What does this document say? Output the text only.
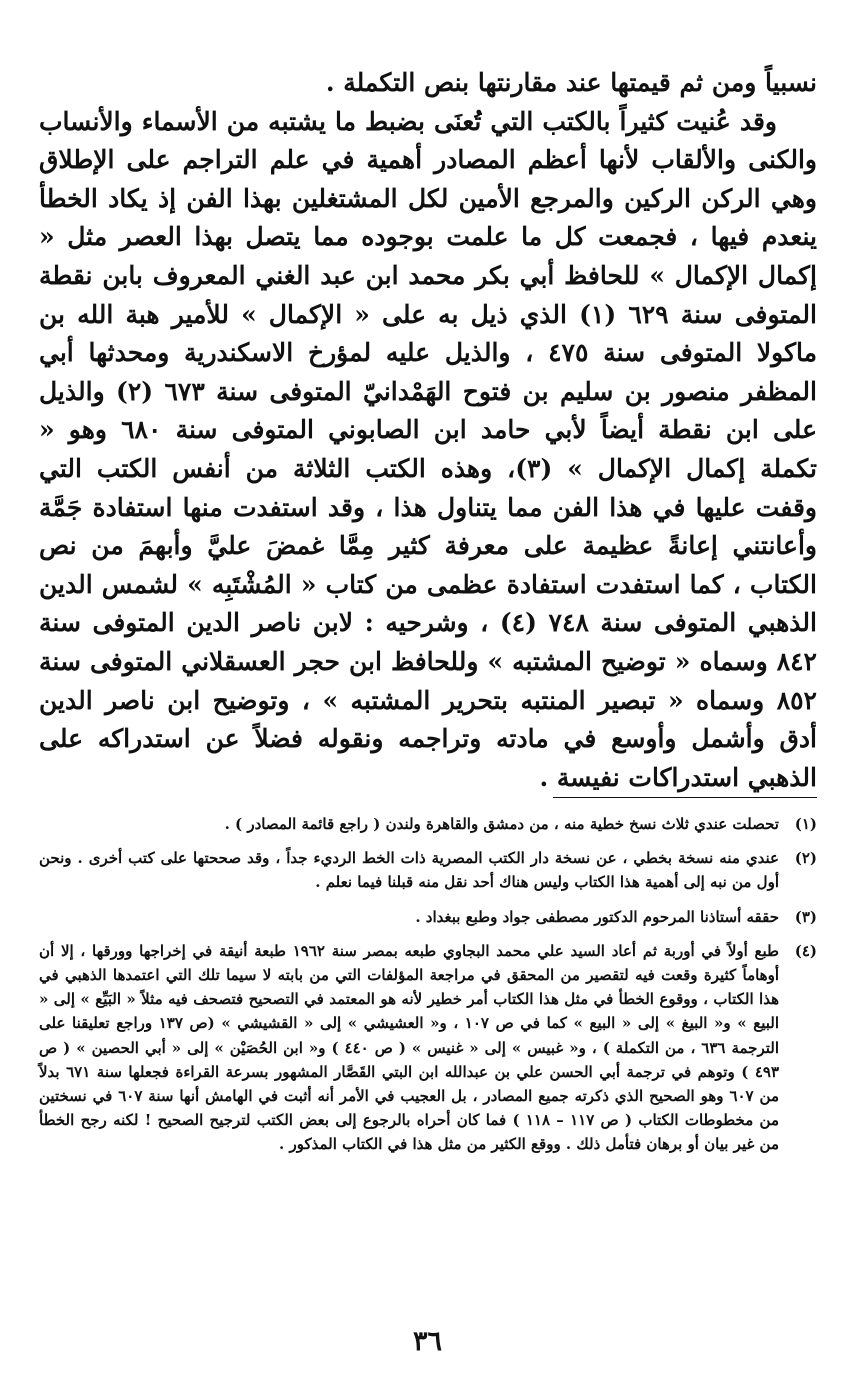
نسبياً ومن ثم قيمتها عند مقارنتها بنص التكملة .

وقد عُنيت كثيراً بالكتب التي تُعنَى بضبط ما يشتبه من الأسماء والأنساب والكنى والألقاب لأنها أعظم المصادر أهمية في علم التراجم على الإطلاق وهي الركن الركين والمرجع الأمين لكل المشتغلين بهذا الفن إذ يكاد الخطأ ينعدم فيها ، فجمعت كل ما علمت بوجوده مما يتصل بهذا العصر مثل « إكمال الإكمال » للحافظ أبي بكر محمد ابن عبد الغني المعروف بابن نقطة المتوفى سنة ٦٢٩ (١) الذي ذيل به على « الإكمال » للأمير هبة الله بن ماكولا المتوفى سنة ٤٧٥ ، والذيل عليه لمؤرخ الاسكندرية ومحدثها أبي المظفر منصور بن سليم بن فتوح الهَمْدانيّ المتوفى سنة ٦٧٣ (٢) والذيل على ابن نقطة أيضاً لأبي حامد ابن الصابوني المتوفى سنة ٦٨٠ وهو « تكملة إكمال الإكمال » (٣)، وهذه الكتب الثلاثة من أنفس الكتب التي وقفت عليها في هذا الفن مما يتناول هذا ، وقد استفدت منها استفادة جَمَّة وأعانتني إعانةً عظيمة على معرفة كثير مِمَّا غمضَ عليَّ وأبهمَ من نص الكتاب ، كما استفدت استفادة عظمى من كتاب « المُشْتَبِه » لشمس الدين الذهبي المتوفى سنة ٧٤٨ (٤) ، وشرحيه : لابن ناصر الدين المتوفى سنة ٨٤٢ وسماه « توضيح المشتبه » وللحافظ ابن حجر العسقلاني المتوفى سنة ٨٥٢ وسماه « تبصير المنتبه بتحرير المشتبه » ، وتوضيح ابن ناصر الدين أدق وأشمل وأوسع في مادته وتراجمه ونقوله فضلاً عن استدراكه على الذهبي استدراكات نفيسة .

(١)
تحصلت عندي ثلاث نسخ خطية منه ، من دمشق والقاهرة ولندن ( راجع قائمة المصادر ) .
(٢)
عندي منه نسخة بخطي ، عن نسخة دار الكتب المصرية ذات الخط الرديء جداً ، وقد صححتها على كتب أخرى . ونحن أول من نبه إلى أهمية هذا الكتاب وليس هناك أحد نقل منه قبلنا فيما نعلم .
(٣)
حققه أستاذنا المرحوم الدكتور مصطفى جواد وطبع ببغداد .
(٤)
طبع أولاً في أوربة ثم أعاد السيد علي محمد البجاوي طبعه بمصر سنة ١٩٦٢ طبعة أنيقة في إخراجها وورقها ، إلا أن أوهاماً كثيرة وقعت فيه لتقصير من المحقق في مراجعة المؤلفات التي من بابته لا سيما تلك التي اعتمدها الذهبي في هذا الكتاب ، ووقوع الخطأ في مثل هذا الكتاب أمر خطير لأنه هو المعتمد في التصحيح فتصحف فيه مثلاً « البَيِّع » إلى « البيع » و« البيغ » إلى « البيع » كما في ص ١٠٧ ، و« العشيشي » إلى « القشيشي » (ص ١٣٧ وراجع تعليقنا على الترجمة ٦٣٦ ، من التكملة ) ، و« غبيس » إلى « غنيس » ( ص ٤٤٠ ) و« ابن الحُصَيْن » إلى « أبي الحصين » ( ص ٤٩٣ ) وتوهم في ترجمة أبي الحسن علي بن عبدالله ابن البتي القَصَّار المشهور بسرعة القراءة فجعلها سنة ٦٧١ بدلاً من ٦٠٧ وهو الصحيح الذي ذكرته جميع المصادر ، بل العجيب في الأمر أنه أثبت في الهامش أنها سنة ٦٠٧ في نسختين من مخطوطات الكتاب ( ص ١١٧ – ١١٨ ) فما كان أحراه بالرجوع إلى بعض الكتب لترجيح الصحيح ! لكنه رجح الخطأ من غير بيان أو برهان فتأمل ذلك . ووقع الكثير من مثل هذا في الكتاب المذكور .
٣٦
